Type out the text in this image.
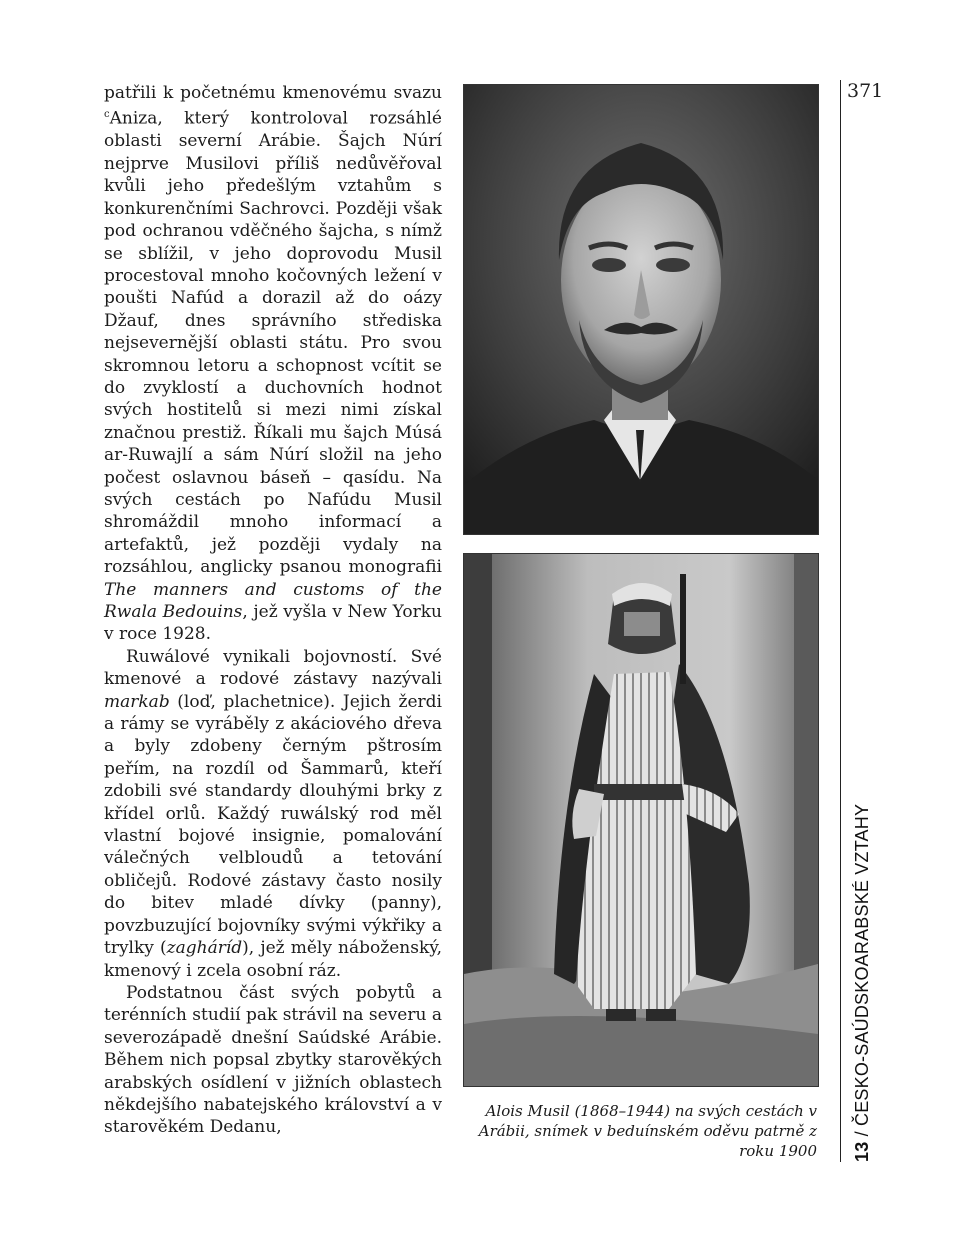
371
13 / ČESKO-SAÚDSKOARABSKÉ VZTAHY

patřili k početnému kmenovému svazu $^c$Aniza, který kontroloval rozsáhlé oblasti severní Arábie. Šajch Núrí nejprve Musilovi příliš nedůvěřoval kvůli jeho předešlým vztahům s konkurenčními Sachrovci. Později však pod ochranou vděčného šajcha, s nímž se sblížil, v jeho doprovodu Musil procestoval mnoho kočovných ležení v poušti Nafúd a dorazil až do oázy Džauf, dnes správního střediska nejsevernější oblasti státu. Pro svou skromnou letoru a schopnost vcítit se do zvyklostí a duchovních hodnot svých hostitelů si mezi nimi získal značnou prestiž. Říkali mu šajch Músá ar-Ruwajlí a sám Núrí složil na jeho počest oslavnou báseň – qasídu. Na svých cestách po Nafúdu Musil shromáždil mnoho informací a artefaktů, jež později vydaly na rozsáhlou, anglicky psanou monografii The manners and customs of the Rwala Bedouins, jež vyšla v New Yorku v roce 1928.

Ruwálové vynikali bojovností. Své kmenové a rodové zástavy nazývali markab (loď, plachetnice). Jejich žerdi a rámy se vyráběly z akáciového dřeva a byly zdobeny černým pštrosím peřím, na rozdíl od Šammarů, kteří zdobili své standardy dlouhými brky z křídel orlů. Každý ruwálský rod měl vlastní bojové insignie, pomalování válečných velbloudů a tetování obličejů. Rodové zástavy často nosily do bitev mladé dívky (panny), povzbuzující bojovníky svými výkřiky a trylky (zagháríd), jež měly náboženský, kmenový i zcela osobní ráz.

Podstatnou část svých pobytů a terénních studií pak strávil na severu a severozápadě dnešní Saúdské Arábie. Během nich popsal zbytky starověkých arabských osídlení v jižních oblastech někdejšího nabatejského království a v starověkém Dedanu,

Alois Musil (1868–1944) na svých cestách v Arábii, snímek v beduínském oděvu patrně z roku 1900
